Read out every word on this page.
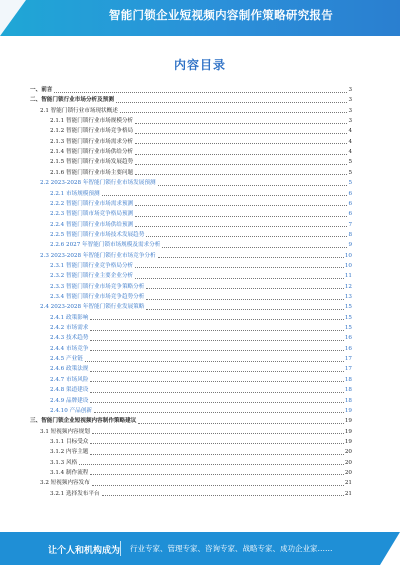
智能门锁企业短视频内容制作策略研究报告
内容目录
一、前言	3
二、智能门锁行业市场分析及预测	3
2.1 智能门锁行业市场现状概述	3
2.1.1 智能门锁行业市场规模分析	3
2.1.2 智能门锁行业市场竞争格局	4
2.1.3 智能门锁行业市场需求分析	4
2.1.4 智能门锁行业市场供给分析	4
2.1.5 智能门锁行业市场发展趋势	5
2.1.6 智能门锁行业市场主要问题	5
2.2 2023-2028 年智能门锁行业市场发展预测	5
2.2.1 市场规模预测	6
2.2.2 智能门锁行业市场需求预测	6
2.2.3 智能门锁市场竞争格局预测	6
2.2.4 智能门锁行业市场供给预测	7
2.2.5 智能门锁行业市场技术发展趋势	8
2.2.6 2027 年智能门锁市场规模及需求分析	9
2.3 2023-2028 年智能门锁行业市场竞争分析	10
2.3.1 智能门锁行业竞争格局分析	10
2.3.2 智能门锁行业主要企业分析	11
2.3.3 智能门锁行业市场竞争策略分析	12
2.3.4 智能门锁行业市场竞争趋势分析	13
2.4 2023-2028 年智能门锁行业发展策略	15
2.4.1 政策影响	15
2.4.2 市场需求	15
2.4.3 技术趋势	16
2.4.4 市场竞争	16
2.4.5 产业链	17
2.4.6 政策法规	17
2.4.7 市场风险	18
2.4.8 渠道建设	18
2.4.9 品牌建设	18
2.4.10 产品创新	19
三、智能门锁企业短视频内容制作策略建议	19
3.1 短视频内容规划	19
3.1.1 目标受众	19
3.1.2 内容主题	20
3.1.3 风格	20
3.1.4 制作流程	20
3.2 短视频内容发布	21
3.2.1 选择发布平台	21
让个人和机构成为 行业专家、管理专家、咨询专家、战略专家、成功企业家……
